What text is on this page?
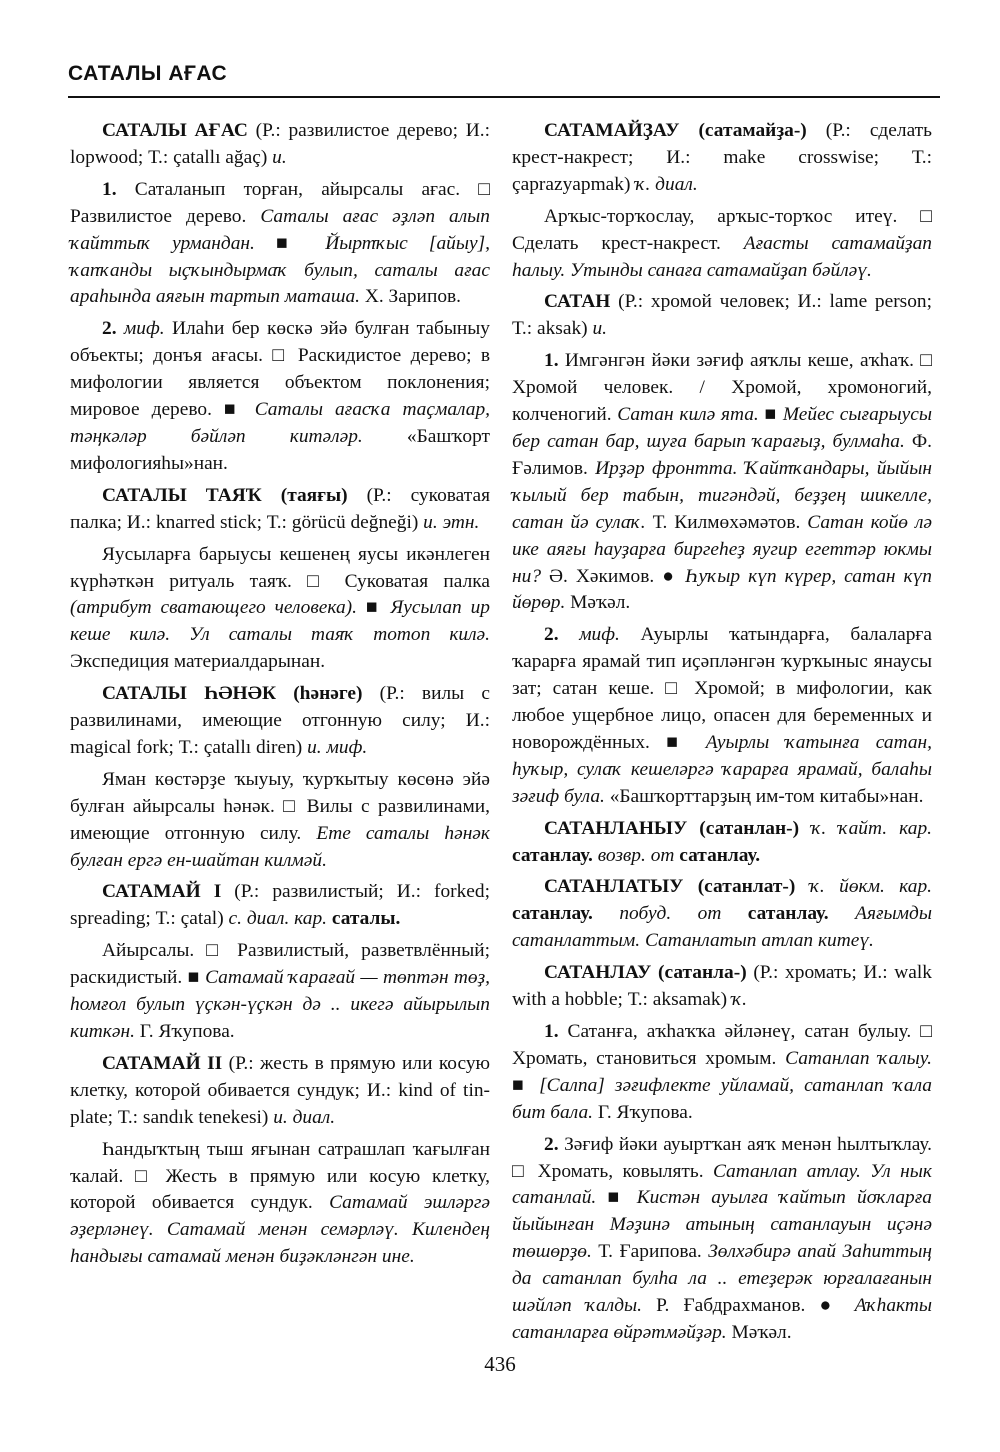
САТАЛЫ АҒАС

САТАЛЫ АҒАС (Р.: развилистое дерево; И.: lopwood; Т.: çatallı ağaç) и.

1. Саталанып торған, айырсалы ағас. □ Развилистое дерево. Саталы ағас әҙләп алып ҡайттыҡ урмандан. ■ Йыртҡыс [айыу], ҡапҡанды ыҫҡындырмаҡ булып, саталы ағас араһында аяғын тартып маташа. Х. Зарипов.

2. миф. Илаһи бер көскә эйә булған табыныу объекты; донъя ағасы. □ Раскидистое дерево; в мифологии является объектом поклонения; мировое дерево. ■ Саталы ағасҡа таҫмалар, тәңкәләр бәйләп китәләр. «Башҡорт мифологияһы»нан.

САТАЛЫ ТАЯҠ (таяғы) (Р.: суковатая палка; И.: knarred stick; Т.: görücü değneği) и. этн.

Яусыларға барыусы кешенең яусы икәнлеген күрһәткән ритуаль таяҡ. □ Суковатая палка (атрибут сватающего человека). ■ Яусылап ир кеше килә. Ул саталы таяҡ тотоп килә. Экспедиция материалдарынан.

САТАЛЫ ҺӘНӘК (һәнәге) (Р.: вилы с развилинами, имеющие отгонную силу; И.: magical fork; Т.: çatallı diren) и. миф.

Яман көстәрҙе ҡыуыу, ҡурҡытыу көсөнә эйә булған айырсалы һәнәк. □ Вилы с развилинами, имеющие отгонную силу. Ете саталы һәнәк булған ергә ен-шайтан килмәй.

САТАМАЙ I (Р.: развилистый; И.: forked; spreading; Т.: çatal) с. диал. кар. саталы.

Айырсалы. □ Развилистый, разветвлённый; раскидистый. ■ Сатамай ҡарағай — төптән төҙ, һомғол булып үҫкән-үҫкән дә .. икегә айырылып киткән. Г. Яҡупова.

САТАМАЙ II (Р.: жесть в прямую или косую клетку, которой обивается сундук; И.: kind of tin-plate; Т.: sandık tenekesi) и. диал.

Һандыҡтың тыш яғынан сатрашлап ҡағылған ҡалай. □ Жесть в прямую или косую клетку, которой обивается сундук. Сатамай эшләргә әҙерләнеү. Сатамай менән семәрләү. Килендең һандығы сатамай менән биҙәкләнгән ине.

САТАМАЙҘАУ (сатамайҙа-) (Р.: сделать крест-накрест; И.: make crosswise; Т.: çaprazyapmak) ҡ. диал.

Арҡыс-торҡослау, арҡыс-торҡос итеү. □ Сделать крест-накрест. Ағасты сатамайҙап һалыу. Утынды санаға сатамайҙап бәйләү.

САТАН (Р.: хромой человек; И.: lame person; Т.: aksak) и.

1. Имгәнгән йәки зәғиф аяҡлы кеше, аҡһаҡ. □ Хромой человек. / Хромой, хромоногий, колченогий. Сатан килә ята. ■ Мейес сығарыусы бер сатан бар, шуға барып ҡарағыҙ, булмаһа. Ф. Ғәлимов. Ирҙәр фронтта. Ҡайтҡандары, йыйын ҡылый бер табын, тигәндәй, беҙҙең шикелле, сатан йә сулаҡ. Т. Килмөхәмәтов. Сатан койө лә ике аяғы һауҙарға биргеһеҙ яугир егеттәр юкмы ни? Ә. Хәкимов. ● Һуҡыр күп күрер, сатан күп йөрөр. Мәҡәл.

2. миф. Ауырлы ҡатындарға, балаларға ҡарарға ярамай тип иҫәпләнгән ҡурҡыныс янаусы зат; сатан кеше. □ Хромой; в мифологии, как любое ущербное лицо, опасен для беременных и новорождённых. ■ Ауырлы ҡатынға сатан, һуҡыр, сулаҡ кешеләргә ҡарарға ярамай, балаһы зәғиф була. «Башҡорттарҙың им-том китабы»нан.

САТАНЛАНЫУ (сатанлан-) ҡ. ҡайт. кар. сатанлау. возвр. от сатанлау.

САТАНЛАТЫУ (сатанлат-) ҡ. йөкм. кар. сатанлау. побуд. от сатанлау. Аяғымды сатанлаттым. Сатанлатып атлап китеү.

САТАНЛАУ (сатанла-) (Р.: хромать; И.: walk with a hobble; Т.: aksamak) ҡ.

1. Сатанға, аҡһаҡҡа әйләнеү, сатан булыу. □ Хромать, становиться хромым. Сатанлап ҡалыу. ■ [Салпа] зәғифлекте уйламай, сатанлап ҡала бит бала. Г. Яҡупова.

2. Зәғиф йәки ауыртҡан аяҡ менән һылтыҡлау. □ Хромать, ковылять. Сатанлап атлау. Ул нык сатанлай. ■ Кистән ауылға ҡайтып йоҡларға йыйынған Мәҙинә атының сатанлауын иҫәнә төшөрҙө. Т. Ғарипова. Зөлхәбирә апай Заһиттың да сатанлап булһа ла .. етеҙерәк юрғалағанын шәйләп ҡалды. Р. Ғабдрахманов. ● Аҡһакты сатанларға өйрәтмәйҙәр. Мәҡәл.

436
